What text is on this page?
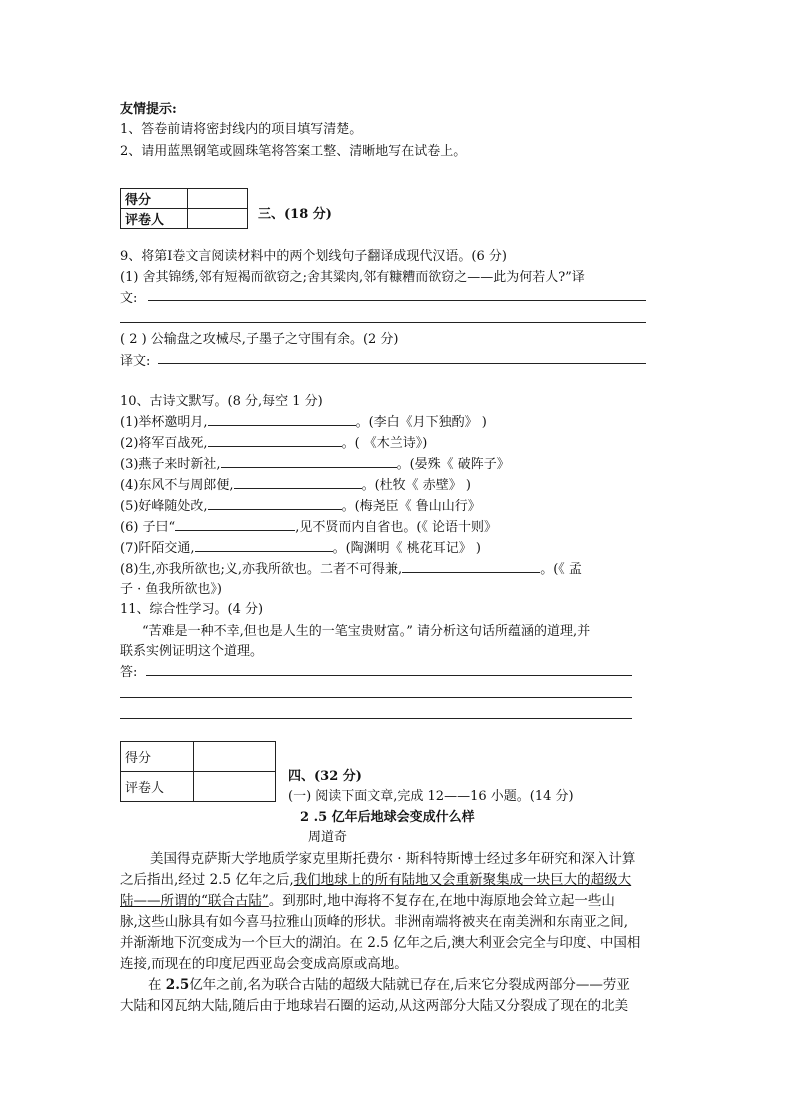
友情提示:
1、答卷前请将密封线内的项目填写清楚。
2、请用蓝黑钢笔或圆珠笔将答案工整、清晰地写在试卷上。
得分	
评卷人		三、(18 分)
9、将第Ⅰ卷文言阅读材料中的两个划线句子翻译成现代汉语。(6 分)
(1) 舍其锦绣,邻有短褐而欲窃之;舍其粱肉,邻有糠糟而欲窃之——此为何若人?”译
文:
( 2 ) 公输盘之攻械尽,子墨子之守围有余。(2 分)
译文:
10、古诗文默写。(8 分,每空 1 分)
(1)举杯邀明月,	。(李白《月下独酌》 )
(2)将军百战死,	。( 《木兰诗》)
(3)燕子来时新社,	。(晏殊《 破阵子》
(4)东风不与周郎便,	。(杜牧《 赤壁》 )
(5)好峰随处改,	。(梅尧臣《 鲁山山行》
(6) 子曰“	,见不贤而内自省也。(《 论语十则》
(7)阡陌交通,	。(陶渊明《 桃花耳记》 )
(8)生,亦我所欲也;义,亦我所欲也。二者不可得兼,	。(《 孟
子 · 鱼我所欲也》)
11、综合性学习。(4 分)
“苦难是一种不幸,但也是人生的一笔宝贵财富。” 请分析这句话所蕴涵的道理,并
联系实例证明这个道理。
答:
得分	
评卷人	
四、(32 分)
(一) 阅读下面文章,完成 12——16 小题。(14 分)
2 .5 亿年后地球会变成什么样
周道奇
美国得克萨斯大学地质学家克里斯托费尔 · 斯科特斯博士经过多年研究和深入计算
之后指出,经过 2.5 亿年之后,我们地球上的所有陆地又会重新聚集成一块巨大的超级大
陆——所谓的“联合古陆”。到那时,地中海将不复存在,在地中海原地会耸立起一些山
脉,这些山脉具有如今喜马拉雅山顶峰的形状。非洲南端将被夹在南美洲和东南亚之间,
并渐渐地下沉变成为一个巨大的湖泊。在 2.5 亿年之后,澳大利亚会完全与印度、中国相
连接,而现在的印度尼西亚岛会变成高原或高地。
在 2.5亿年之前,名为联合古陆的超级大陆就已存在,后来它分裂成两部分——劳亚
大陆和冈瓦纳大陆,随后由于地球岩石圈的运动,从这两部分大陆又分裂成了现在的北美
